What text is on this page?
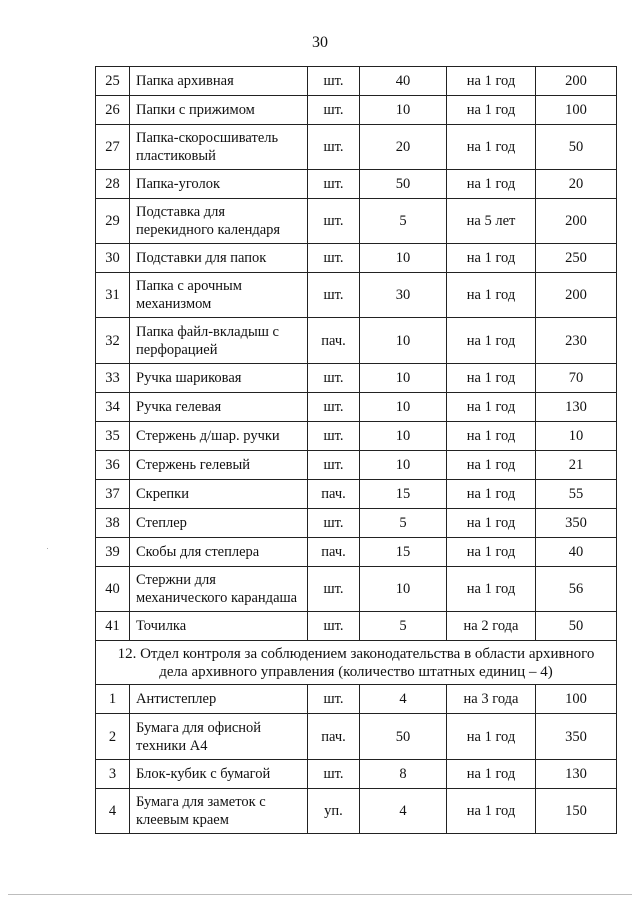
30
25	Папка архивная	шт.	40	на 1 год	200
26	Папки с прижимом	шт.	10	на 1 год	100
27	Папка-скоросшиватель пластиковый	шт.	20	на 1 год	50
28	Папка-уголок	шт.	50	на 1 год	20
29	Подставка для перекидного календаря	шт.	5	на 5 лет	200
30	Подставки для папок	шт.	10	на 1 год	250
31	Папка с арочным механизмом	шт.	30	на 1 год	200
32	Папка файл-вкладыш с перфорацией	пач.	10	на 1 год	230
33	Ручка шариковая	шт.	10	на 1 год	70
34	Ручка гелевая	шт.	10	на 1 год	130
35	Стержень д/шар. ручки	шт.	10	на 1 год	10
36	Стержень гелевый	шт.	10	на 1 год	21
37	Скрепки	пач.	15	на 1 год	55
38	Степлер	шт.	5	на 1 год	350
39	Скобы для степлера	пач.	15	на 1 год	40
40	Стержни для механического карандаша	шт.	10	на 1 год	56
41	Точилка	шт.	5	на 2 года	50
12. Отдел контроля за соблюдением законодательства в области архивного дела архивного управления (количество штатных единиц – 4)					
1	Антистеплер	шт.	4	на 3 года	100
2	Бумага для офисной техники А4	пач.	50	на 1 год	350
3	Блок-кубик с бумагой	шт.	8	на 1 год	130
4	Бумага для заметок с клеевым краем	уп.	4	на 1 год	150
